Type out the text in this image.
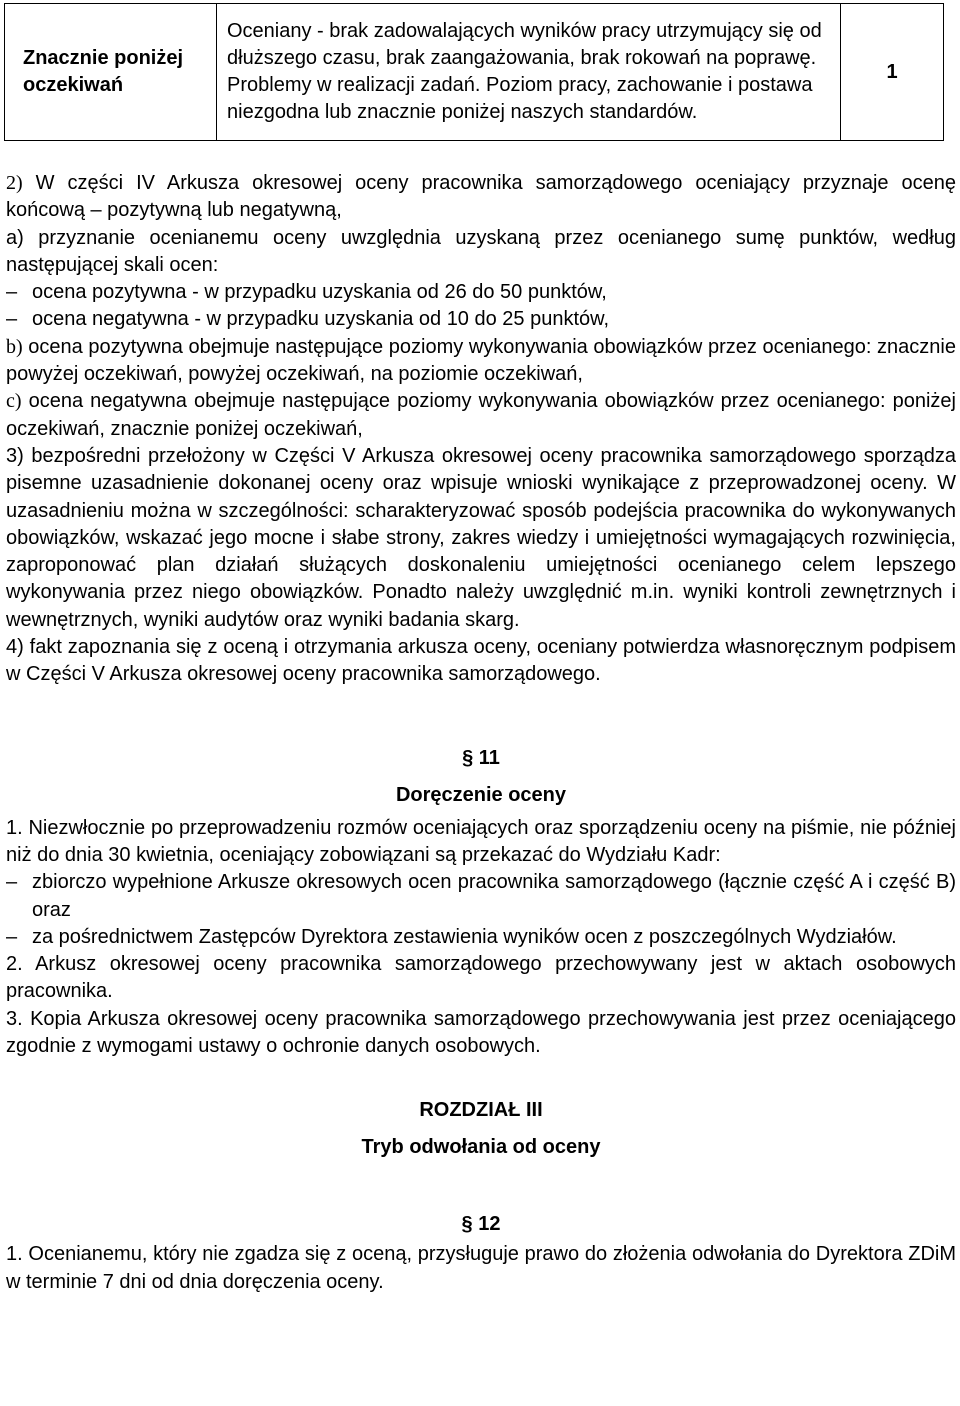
Znacznie poniżej oczekiwań	Oceniany - brak zadowalających wyników pracy utrzymujący się od dłuższego czasu, brak zaangażowania, brak rokowań na poprawę. Problemy w realizacji zadań. Poziom pracy, zachowanie i postawa niezgodna lub znacznie poniżej naszych standardów.	1

2) W części IV Arkusza okresowej oceny pracownika samorządowego oceniający przyznaje ocenę końcową – pozytywną lub negatywną,

a) przyznanie ocenianemu oceny uwzględnia uzyskaną przez ocenianego sumę punktów, według następującej skali ocen:

– ocena pozytywna - w przypadku uzyskania od 26 do 50 punktów,

– ocena negatywna - w przypadku uzyskania od 10 do 25 punktów,

b) ocena pozytywna obejmuje następujące poziomy wykonywania obowiązków przez ocenianego: znacznie powyżej oczekiwań, powyżej oczekiwań, na poziomie oczekiwań,

c) ocena negatywna obejmuje następujące poziomy wykonywania obowiązków przez ocenianego: poniżej oczekiwań, znacznie poniżej oczekiwań,

3) bezpośredni przełożony w Części V Arkusza okresowej oceny pracownika samorządowego sporządza pisemne uzasadnienie dokonanej oceny oraz wpisuje wnioski wynikające z przeprowadzonej oceny. W uzasadnieniu można w szczególności: scharakteryzować sposób podejścia pracownika do wykonywanych obowiązków, wskazać jego mocne i słabe strony, zakres wiedzy i umiejętności wymagających rozwinięcia, zaproponować plan działań służących doskonaleniu umiejętności ocenianego celem lepszego wykonywania przez niego obowiązków. Ponadto należy uwzględnić m.in. wyniki kontroli zewnętrznych i wewnętrznych, wyniki audytów oraz wyniki badania skarg.

4) fakt zapoznania się z oceną i otrzymania arkusza oceny, oceniany potwierdza własnoręcznym podpisem w Części V Arkusza okresowej oceny pracownika samorządowego.

§ 11

Doręczenie oceny

1. Niezwłocznie po przeprowadzeniu rozmów oceniających oraz sporządzeniu oceny na piśmie, nie później niż do dnia 30 kwietnia, oceniający zobowiązani są przekazać do Wydziału Kadr:

– zbiorczo wypełnione Arkusze okresowych ocen pracownika samorządowego (łącznie część A i część B) oraz

– za pośrednictwem Zastępców Dyrektora zestawienia wyników ocen z poszczególnych Wydziałów.

2. Arkusz okresowej oceny pracownika samorządowego przechowywany jest w aktach osobowych pracownika.

3. Kopia Arkusza okresowej oceny pracownika samorządowego przechowywania jest przez oceniającego zgodnie z wymogami ustawy o ochronie danych osobowych.

ROZDZIAŁ III

Tryb odwołania od oceny

§ 12

1. Ocenianemu, który nie zgadza się z oceną, przysługuje prawo do złożenia odwołania do Dyrektora ZDiM w terminie 7 dni od dnia doręczenia oceny.
